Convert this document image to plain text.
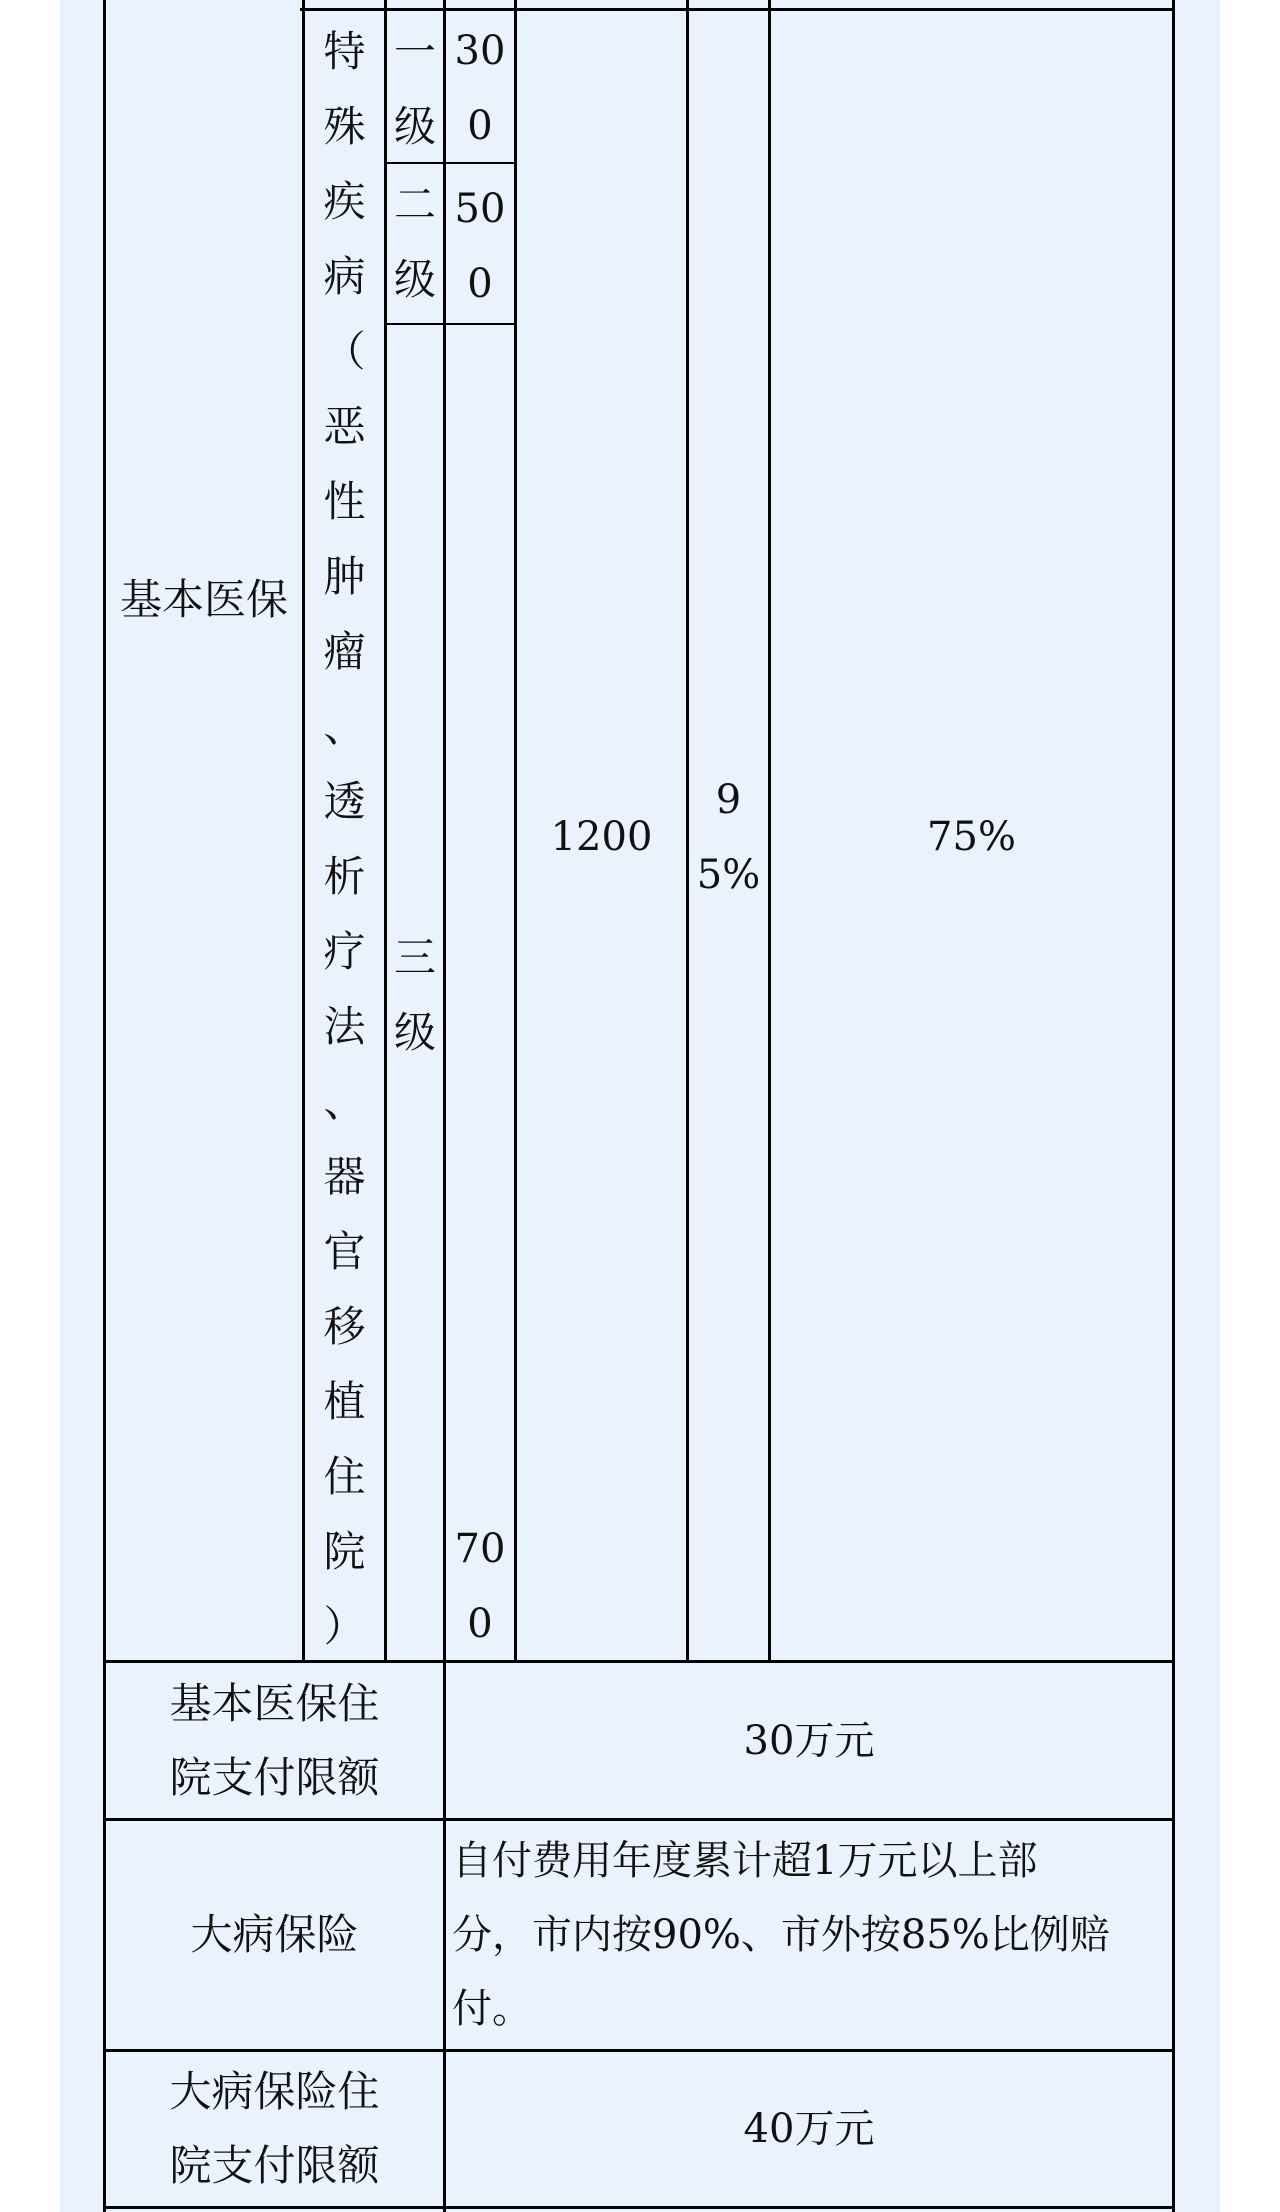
基本医保
特
殊
疾
病
（
恶
性
肿
瘤
、
透
析
疗
法
、
器
官
移
植
住
院
）
一
级
二
级
三
级
30
0
50
0
70
0
1200
9
5%
75%
基本医保住
院支付限额
30万元
大病保险
自付费用年度累计超1万元以上部
分，市内按90%、市外按85%比例赔
付。
大病保险住
院支付限额
40万元
